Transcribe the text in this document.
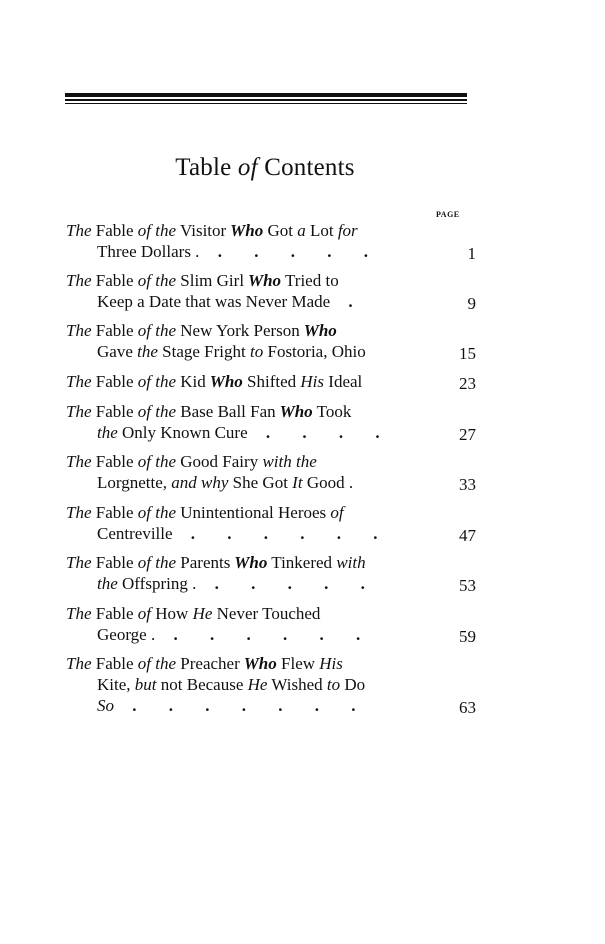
Table of Contents
PAGE
The Fable of the Visitor Who Got a Lot for
Three Dollars . . . . . .	1
The Fable of the Slim Girl Who Tried to
Keep a Date that was Never Made .	9
The Fable of the New York Person Who
Gave the Stage Fright to Fostoria, Ohio	15
The Fable of the Kid Who Shifted His Ideal	23
The Fable of the Base Ball Fan Who Took
the Only Known Cure . . . .	27
The Fable of the Good Fairy with the
Lorgnette, and why She Got It Good .	33
The Fable of the Unintentional Heroes of
Centreville . . . . . .	47
The Fable of the Parents Who Tinkered with
the Offspring . . . . . .	53
The Fable of How He Never Touched
George . . . . . . .	59
The Fable of the Preacher Who Flew His
Kite, but not Because He Wished to Do
So . . . . . . .	63
